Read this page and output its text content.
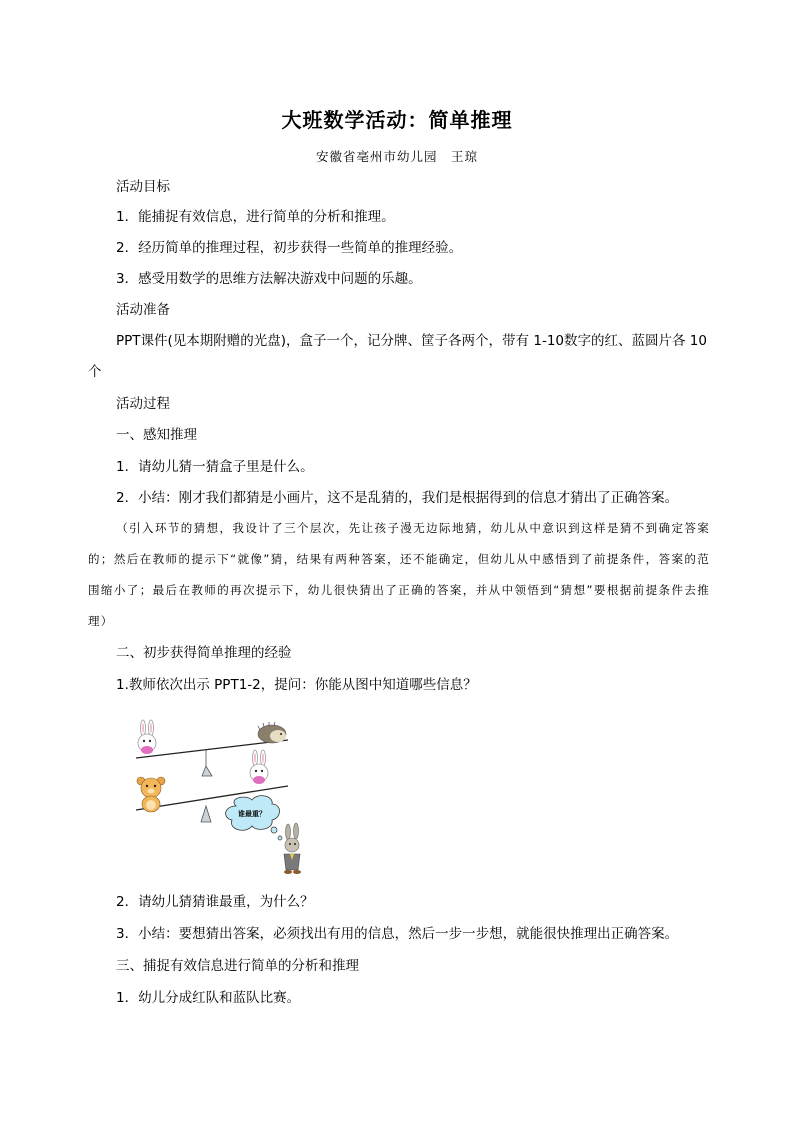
大班数学活动：简单推理
安徽省亳州市幼儿园　王琼
活动目标
1．能捕捉有效信息，进行简单的分析和推理。
2．经历简单的推理过程，初步获得一些简单的推理经验。
3．感受用数学的思维方法解决游戏中问题的乐趣。
活动准备
PPT课件(见本期附赠的光盘)，盒子一个，记分牌、筐子各两个，带有 1-10数字的红、蓝圆片各 10个
活动过程
一、感知推理
1．请幼儿猜一猜盒子里是什么。
2．小结：刚才我们都猜是小画片，这不是乱猜的，我们是根据得到的信息才猜出了正确答案。
（引入环节的猜想，我设计了三个层次，先让孩子漫无边际地猜，幼儿从中意识到这样是猜不到确定答案的；然后在教师的提示下“就像”猜，结果有两种答案，还不能确定，但幼儿从中感悟到了前提条件，答案的范围缩小了；最后在教师的再次提示下，幼儿很快猜出了正确的答案，并从中领悟到“猜想”要根据前提条件去推理）
二、初步获得简单推理的经验
1.教师依次出示 PPT1-2，提问：你能从图中知道哪些信息？
谁最重？
2．请幼儿猜猜谁最重，为什么？
3．小结：要想猜出答案，必须找出有用的信息，然后一步一步想，就能很快推理出正确答案。
三、捕捉有效信息进行简单的分析和推理
1．幼儿分成红队和蓝队比赛。
